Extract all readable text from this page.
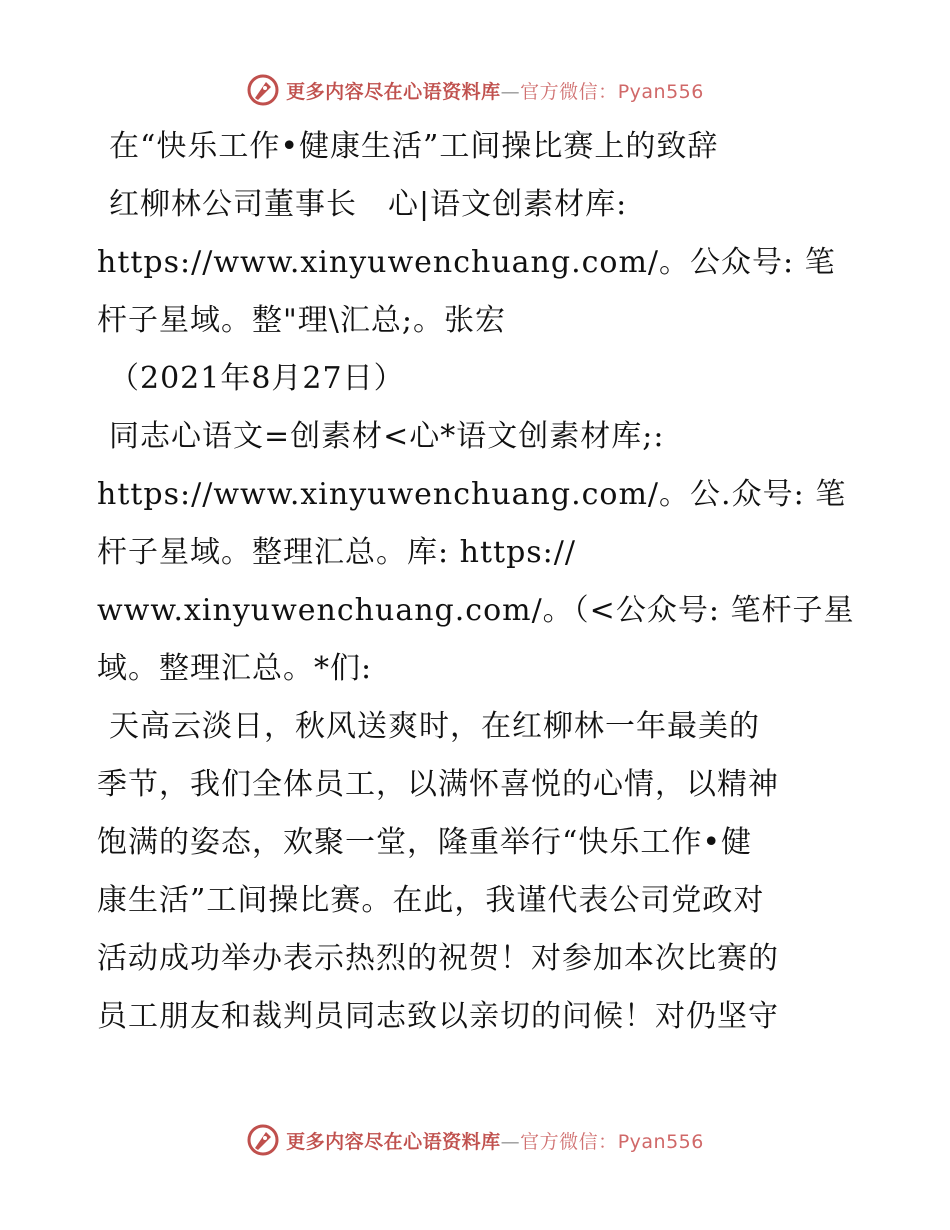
更多内容尽在心语资料库—官方微信：Pyan556

在“快乐工作•健康生活”工间操比赛上的致辞

红柳林公司董事长　心|语文创素材库:

https://www.xinyuwenchuang.com/。公众号: 笔

杆子星域。整"理\汇总;。张宏

（2021年8月27日）

同志心语文=创素材<心*语文创素材库;:

https://www.xinyuwenchuang.com/。公.众号: 笔

杆子星域。整理汇总。库: https://

www.xinyuwenchuang.com/。（<公众号: 笔杆子星

域。整理汇总。*们:

天高云淡日，秋风送爽时，在红柳林一年最美的

季节，我们全体员工，以满怀喜悦的心情，以精神

饱满的姿态，欢聚一堂，隆重举行“快乐工作•健

康生活”工间操比赛。在此，我谨代表公司党政对

活动成功举办表示热烈的祝贺！对参加本次比赛的

员工朋友和裁判员同志致以亲切的问候！对仍坚守

更多内容尽在心语资料库—官方微信：Pyan556
